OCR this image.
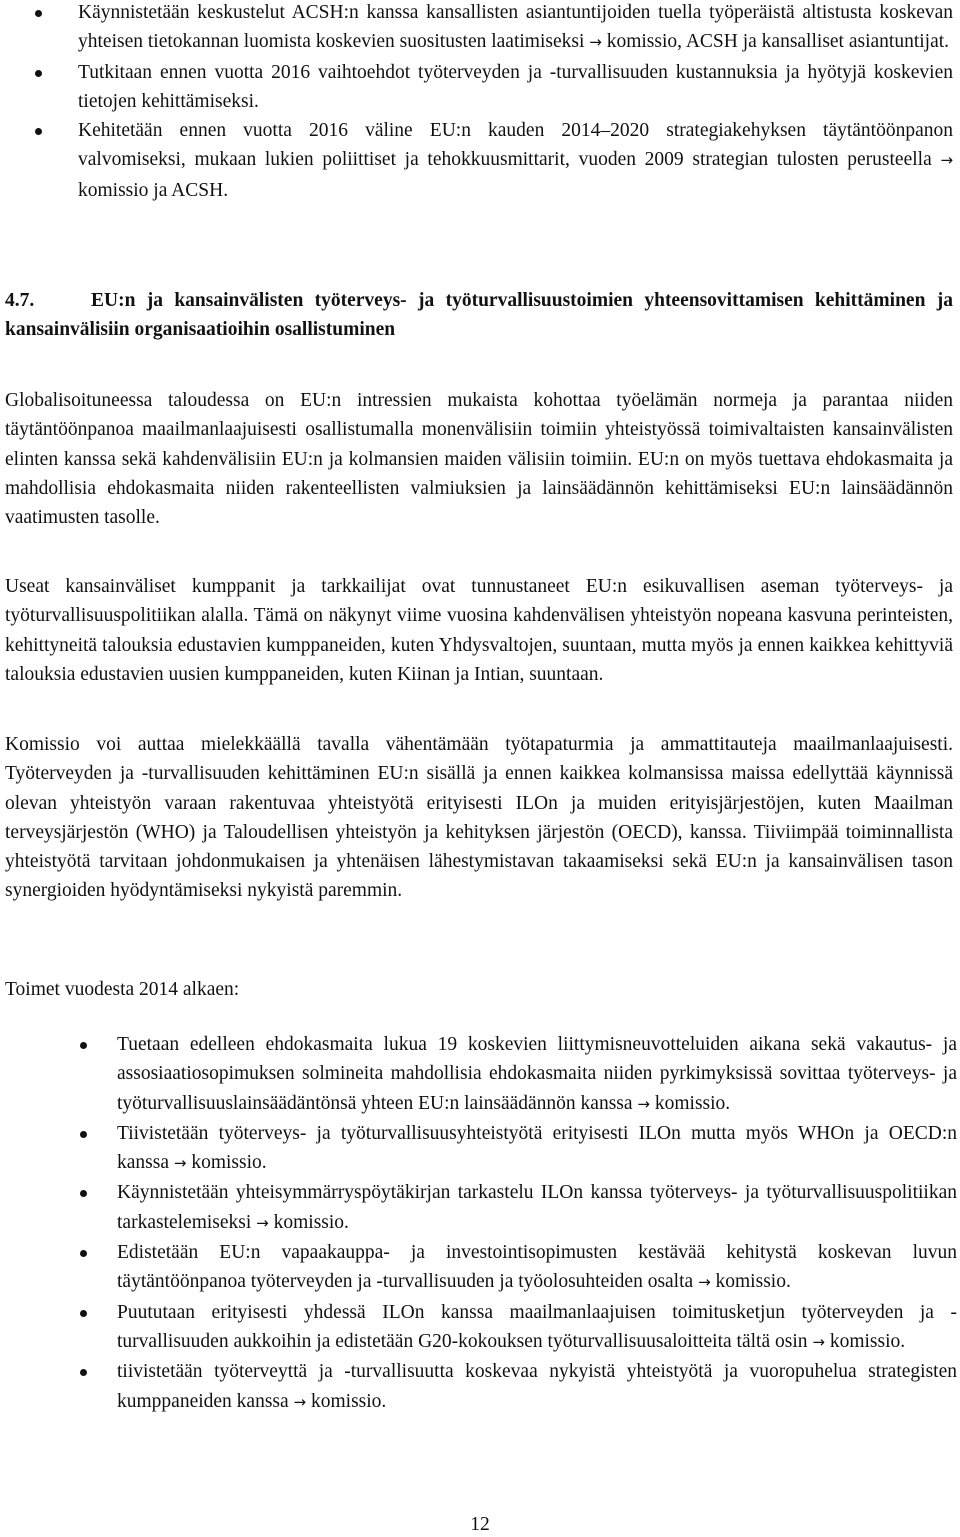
Käynnistetään keskustelut ACSH:n kanssa kansallisten asiantuntijoiden tuella työperäistä altistusta koskevan yhteisen tietokannan luomista koskevien suositusten laatimiseksi → komissio, ACSH ja kansalliset asiantuntijat.
Tutkitaan ennen vuotta 2016 vaihtoehdot työterveyden ja -turvallisuuden kustannuksia ja hyötyjä koskevien tietojen kehittämiseksi.
Kehitetään ennen vuotta 2016 väline EU:n kauden 2014–2020 strategiakehyksen täytäntöönpanon valvomiseksi, mukaan lukien poliittiset ja tehokkuusmittarit, vuoden 2009 strategian tulosten perusteella → komissio ja ACSH.
4.7.	EU:n ja kansainvälisten työterveys- ja työturvallisuustoimien yhteensovittamisen kehittäminen ja kansainvälisiin organisaatioihin osallistuminen

Globalisoituneessa taloudessa on EU:n intressien mukaista kohottaa työelämän normeja ja parantaa niiden täytäntöönpanoa maailmanlaajuisesti osallistumalla monenvälisiin toimiin yhteistyössä toimivaltaisten kansainvälisten elinten kanssa sekä kahdenvälisiin EU:n ja kolmansien maiden välisiin toimiin. EU:n on myös tuettava ehdokasmaita ja mahdollisia ehdokasmaita niiden rakenteellisten valmiuksien ja lainsäädännön kehittämiseksi EU:n lainsäädännön vaatimusten tasolle.

Useat kansainväliset kumppanit ja tarkkailijat ovat tunnustaneet EU:n esikuvallisen aseman työterveys- ja työturvallisuuspolitiikan alalla. Tämä on näkynyt viime vuosina kahdenvälisen yhteistyön nopeana kasvuna perinteisten, kehittyneitä talouksia edustavien kumppaneiden, kuten Yhdysvaltojen, suuntaan, mutta myös ja ennen kaikkea kehittyviä talouksia edustavien uusien kumppaneiden, kuten Kiinan ja Intian, suuntaan.

Komissio voi auttaa mielekkäällä tavalla vähentämään työtapaturmia ja ammattitauteja maailmanlaajuisesti. Työterveyden ja -turvallisuuden kehittäminen EU:n sisällä ja ennen kaikkea kolmansissa maissa edellyttää käynnissä olevan yhteistyön varaan rakentuvaa yhteistyötä erityisesti ILOn ja muiden erityisjärjestöjen, kuten Maailman terveysjärjestön (WHO) ja Taloudellisen yhteistyön ja kehityksen järjestön (OECD), kanssa. Tiiviimpää toiminnallista yhteistyötä tarvitaan johdonmukaisen ja yhtenäisen lähestymistavan takaamiseksi sekä EU:n ja kansainvälisen tason synergioiden hyödyntämiseksi nykyistä paremmin.

Toimet vuodesta 2014 alkaen:

Tuetaan edelleen ehdokasmaita lukua 19 koskevien liittymisneuvotteluiden aikana sekä vakautus- ja assosiaatiosopimuksen solmineita mahdollisia ehdokasmaita niiden pyrkimyksissä sovittaa työterveys- ja työturvallisuuslainsäädäntönsä yhteen EU:n lainsäädännön kanssa → komissio.
Tiivistetään työterveys- ja työturvallisuusyhteistyötä erityisesti ILOn mutta myös WHOn ja OECD:n kanssa → komissio.
Käynnistetään yhteisymmärryspöytäkirjan tarkastelu ILOn kanssa työterveys- ja työturvallisuuspolitiikan tarkastelemiseksi → komissio.
Edistetään EU:n vapaakauppa- ja investointisopimusten kestävää kehitystä koskevan luvun täytäntöönpanoa työterveyden ja -turvallisuuden ja työolosuhteiden osalta → komissio.
Puututaan erityisesti yhdessä ILOn kanssa maailmanlaajuisen toimitusketjun työterveyden ja -turvallisuuden aukkoihin ja edistetään G20-kokouksen työturvallisuusaloitteita tältä osin → komissio.
tiivistetään työterveyttä ja -turvallisuutta koskevaa nykyistä yhteistyötä ja vuoropuhelua strategisten kumppaneiden kanssa → komissio.
12
